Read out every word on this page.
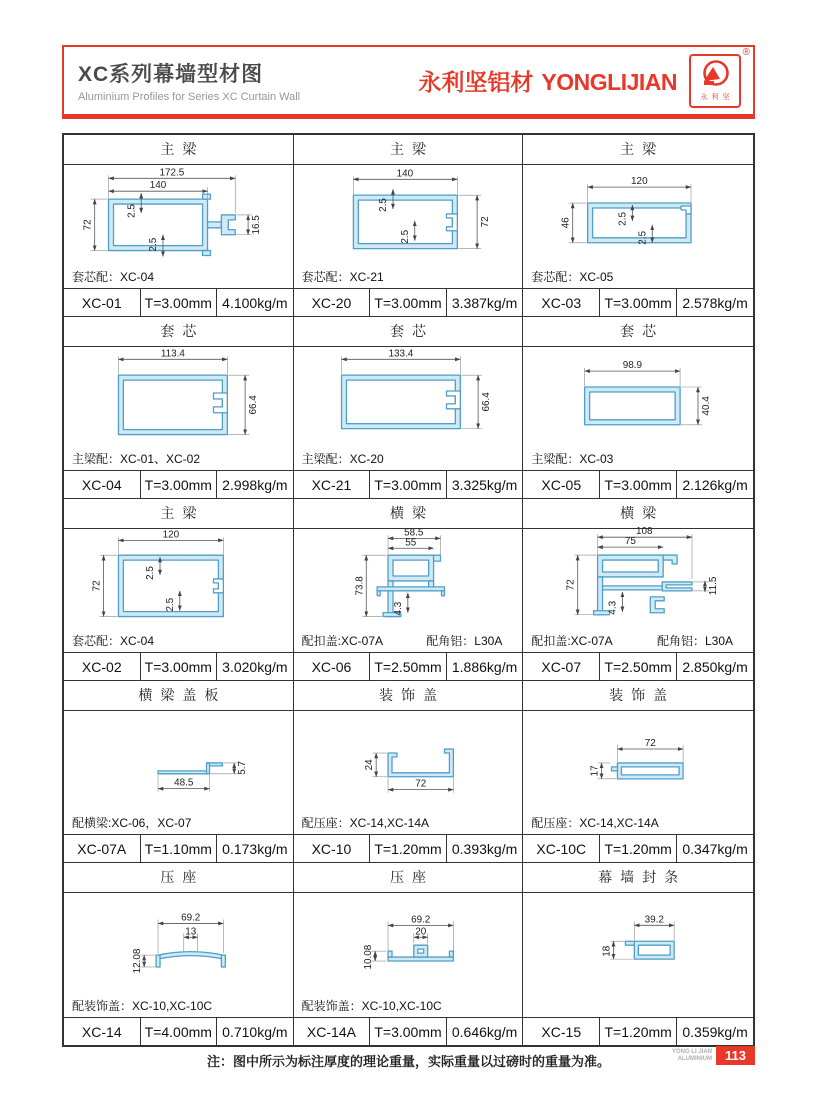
XC系列幕墙型材图
Aluminium Profiles for Series XC Curtain Wall
永利坚铝材 YONGLIJIAN
®
永利坚
主梁
172.5
140
72
2.5
2.5
16.5
套芯配：XC-04
XC-01	T=3.00mm 4.100kg/m
主梁
140
2.5
2.5
72
套芯配：XC-21
XC-20	T=3.00mm 3.387kg/m
主梁
120
46	2.5
2.5
套芯配：XC-05
XC-03	T=3.00mm 2.578kg/m
套芯
113.4
66.4
主梁配：XC-01、XC-02
XC-04	T=3.00mm 2.998kg/m
套芯
133.4
66.4
主梁配：XC-20
XC-21	T=3.00mm 3.325kg/m
套芯
98.9
40.4
主梁配：XC-03
XC-05	T=3.00mm 2.126kg/m
主梁
120
72
2.5
2.5
套芯配：XC-04
XC-02	T=3.00mm 3.020kg/m
横梁
58.5
55
73.8
4.3
配扣盖:XC-07A	配角铝：L30A
XC-06	T=2.50mm 1.886kg/m
横梁
108
75
11.5
72
4.3
配扣盖:XC-07A	配角铝：L30A
XC-07	T=2.50mm 2.850kg/m
横梁盖板
5.7
48.5
配横梁:XC-06，XC-07
XC-07A	T=1.10mm 0.173kg/m
装饰盖
24
72
配压座：XC-14,XC-14A
XC-10	T=1.20mm 0.393kg/m
装饰盖
72
17
配压座：XC-14,XC-14A
XC-10C	T=1.20mm 0.347kg/m
压座
69.2
13
12.08
配装饰盖：XC-10,XC-10C
XC-14	T=4.00mm 0.710kg/m
压座
69.2
20
10.08
配装饰盖：XC-10,XC-10C
XC-14A	T=3.00mm 0.646kg/m
幕墙封条
39.2
18
XC-15	T=1.20mm 0.359kg/m
注：图中所示为标注厚度的理论重量，实际重量以过磅时的重量为准。
YONG LI JIAN
ALUMINIUM	113
